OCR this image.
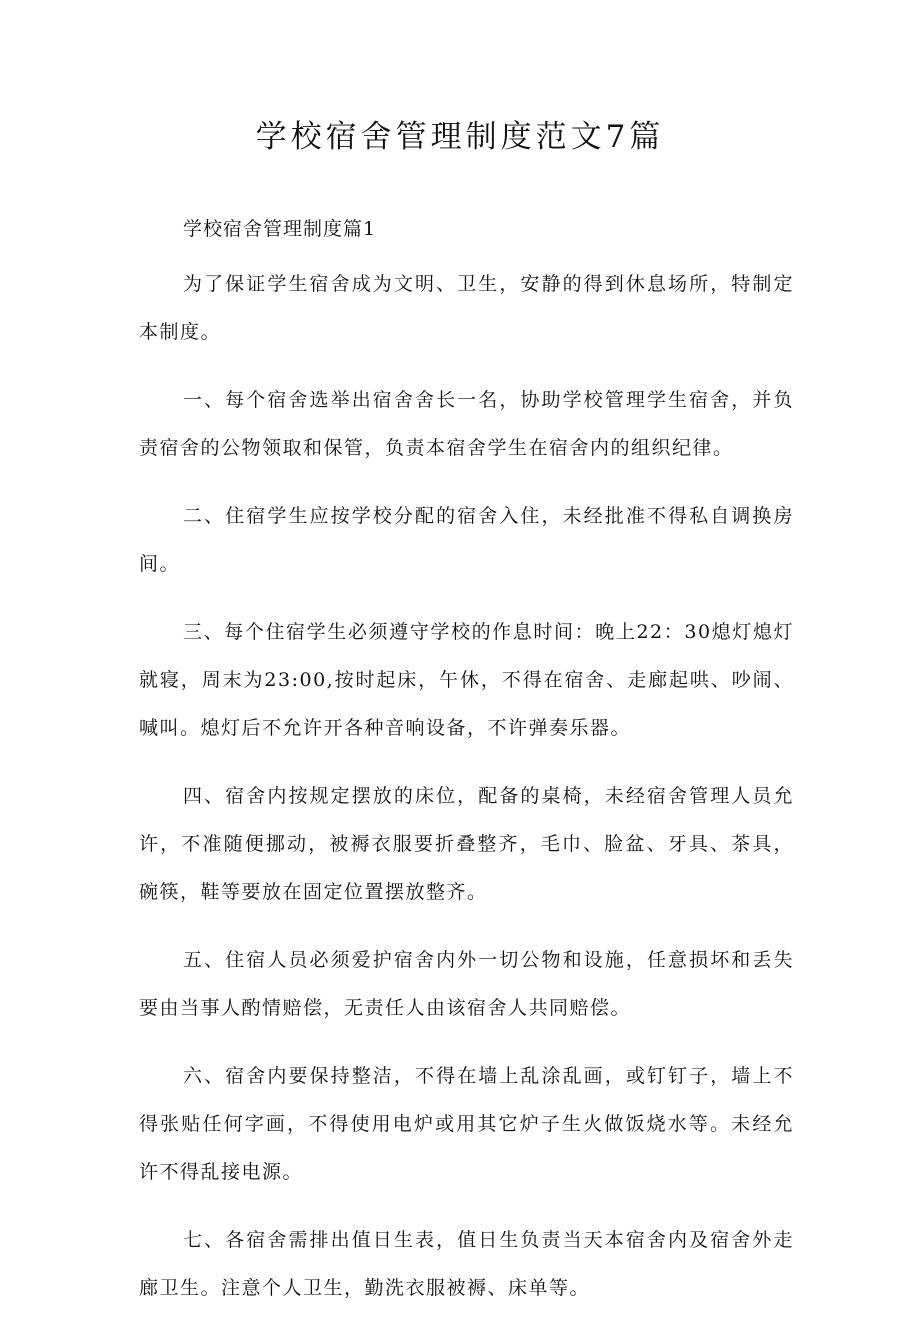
学校宿舍管理制度范文7篇
学校宿舍管理制度篇1

为了保证学生宿舍成为文明、卫生，安静的得到休息场所，特制定本制度。

一、每个宿舍选举出宿舍舍长一名，协助学校管理学生宿舍，并负责宿舍的公物领取和保管，负责本宿舍学生在宿舍内的组织纪律。

二、住宿学生应按学校分配的宿舍入住，未经批准不得私自调换房间。

三、每个住宿学生必须遵守学校的作息时间：晚上22：30熄灯熄灯就寝，周末为23:00,按时起床，午休，不得在宿舍、走廊起哄、吵闹、喊叫。熄灯后不允许开各种音响设备，不许弹奏乐器。

四、宿舍内按规定摆放的床位，配备的桌椅，未经宿舍管理人员允许，不准随便挪动，被褥衣服要折叠整齐，毛巾、脸盆、牙具、茶具，碗筷，鞋等要放在固定位置摆放整齐。

五、住宿人员必须爱护宿舍内外一切公物和设施，任意损坏和丢失要由当事人酌情赔偿，无责任人由该宿舍人共同赔偿。

六、宿舍内要保持整洁，不得在墙上乱涂乱画，或钉钉子，墙上不得张贴任何字画，不得使用电炉或用其它炉子生火做饭烧水等。未经允许不得乱接电源。

七、各宿舍需排出值日生表，值日生负责当天本宿舍内及宿舍外走廊卫生。注意个人卫生，勤洗衣服被褥、床单等。
